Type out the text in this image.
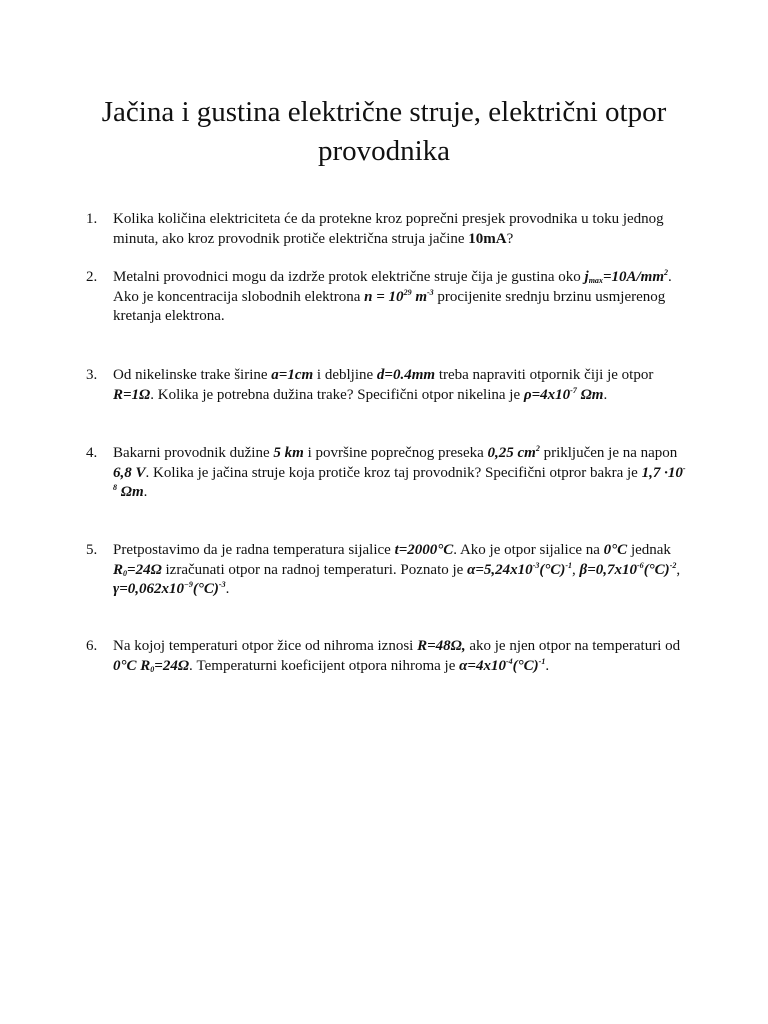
Jačina i gustina električne struje, električni otpor provodnika
1.	Kolika količina elektriciteta će da protekne kroz poprečni presjek provodnika u toku jednog minuta, ako kroz provodnik protiče električna struja jačine 10mA?
2.	Metalni provodnici mogu da izdrže protok električne struje čija je gustina oko $j_{max}=10A/mm^2$. Ako je koncentracija slobodnih elektrona $n = 10^{29}$ $m^{-3}$ procijenite srednju brzinu usmjerenog kretanja elektrona.
3.	Od nikelinske trake širine a=1cm i debljine d=0.4mm treba napraviti otpornik čiji je otpor R=1Ω. Kolika je potrebna dužina trake? Specifični otpor nikelina je $\rho=4x10^{-7}$ Ωm.
4.	Bakarni provodnik dužine 5 km i površine poprečnog preseka 0,25 $cm^2$ priključen je na napon 6,8 V. Kolika je jačina struje koja protiče kroz taj provodnik? Specifični otpror bakra je $1,7 \cdot 10^{-8}$ Ωm.
5.	Pretpostavimo da je radna temperatura sijalice t=2000°C. Ako je otpor sijalice na 0°C jednak $R_0=24\Omega$ izračunati otpor na radnoj temperaturi. Poznato je $\alpha=5,24x10^{-3}(^\circ C)^{-1}$, $\beta=0,7x10^{-6}(^\circ C)^{-2}$, $\gamma=0,062x10^{-9}(^\circ C)^{-3}$.
6.	Na kojoj temperaturi otpor žice od nihroma iznosi R=48Ω, ako je njen otpor na temperaturi od 0°C $R_0=24\Omega$. Temperaturni koeficijent otpora nihroma je $\alpha=4x10^{-4}(^\circ C)^{-1}$.
